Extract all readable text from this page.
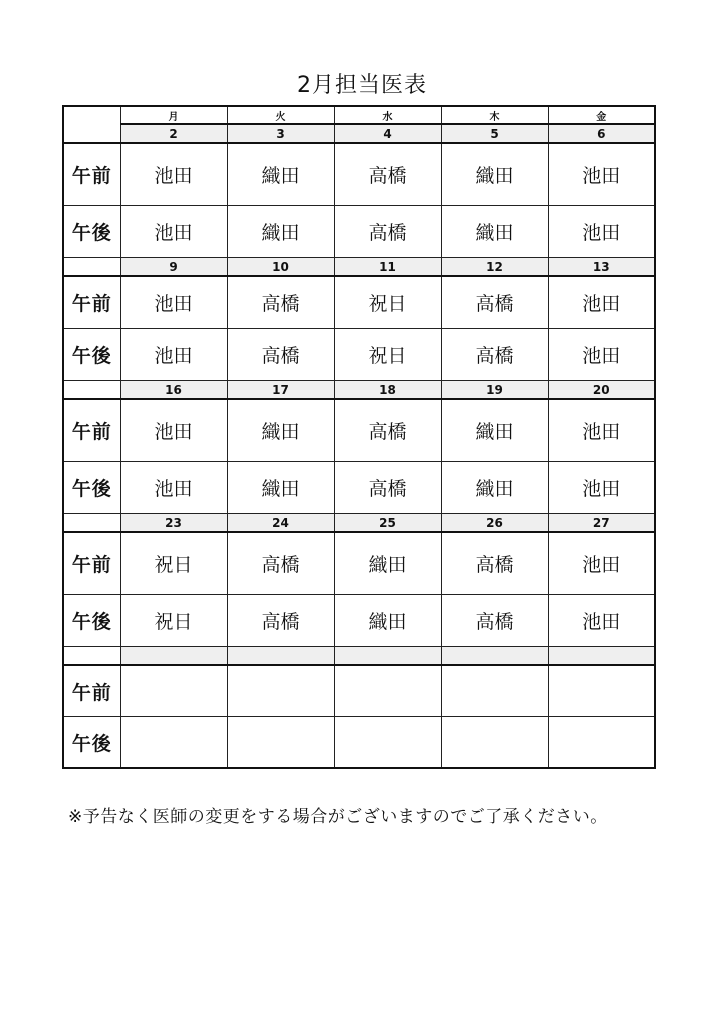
2月担当医表
	月	火	水	木	金
	2	3	4	5	6
午前	池田	織田	高橋	織田	池田
午後	池田	織田	高橋	織田	池田
	9	10	11	12	13
午前	池田	高橋	祝日	高橋	池田
午後	池田	高橋	祝日	高橋	池田
	16	17	18	19	20
午前	池田	織田	高橋	織田	池田
午後	池田	織田	高橋	織田	池田
	23	24	25	26	27
午前	祝日	高橋	織田	高橋	池田
午後	祝日	高橋	織田	高橋	池田

午前					
午後					
※予告なく医師の変更をする場合がございますのでご了承ください。
